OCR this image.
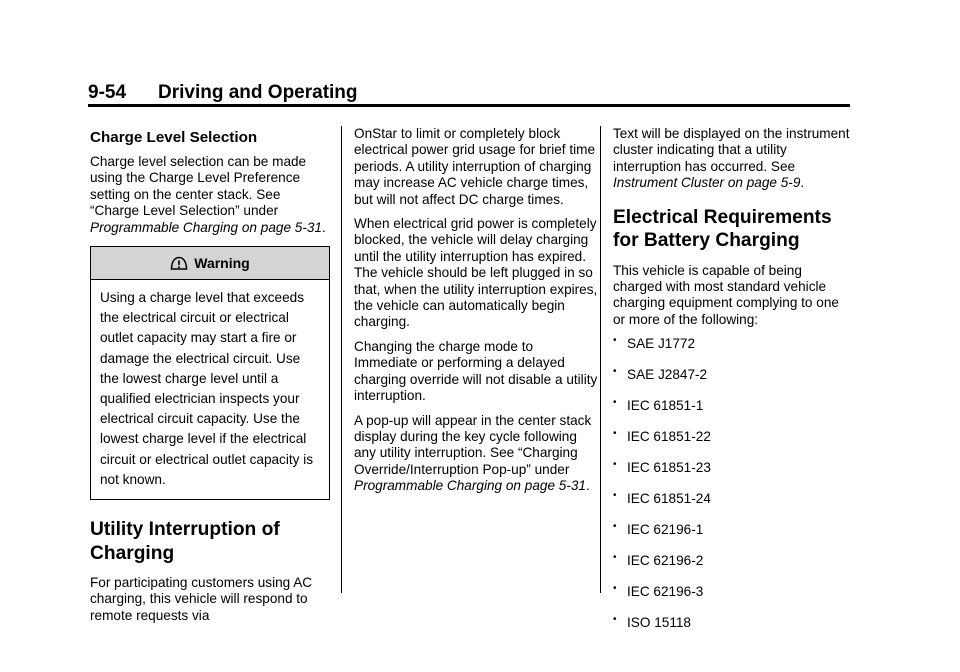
9-54 Driving and Operating
Charge Level Selection

Charge level selection can be made using the Charge Level Preference setting on the center stack. See “Charge Level Selection” under Programmable Charging on page 5-31.

Warning
Using a charge level that exceeds the electrical circuit or electrical outlet capacity may start a fire or damage the electrical circuit. Use the lowest charge level until a qualified electrician inspects your electrical circuit capacity. Use the lowest charge level if the electrical circuit or electrical outlet capacity is not known.
Utility Interruption of Charging

For participating customers using AC charging, this vehicle will respond to remote requests via

OnStar to limit or completely block electrical power grid usage for brief time periods. A utility interruption of charging may increase AC vehicle charge times, but will not affect DC charge times.

When electrical grid power is completely blocked, the vehicle will delay charging until the utility interruption has expired. The vehicle should be left plugged in so that, when the utility interruption expires, the vehicle can automatically begin charging.

Changing the charge mode to Immediate or performing a delayed charging override will not disable a utility interruption.

A pop-up will appear in the center stack display during the key cycle following any utility interruption. See “Charging Override/Interruption Pop-up” under Programmable Charging on page 5-31.

Text will be displayed on the instrument cluster indicating that a utility interruption has occurred. See Instrument Cluster on page 5-9.

Electrical Requirements for Battery Charging

This vehicle is capable of being charged with most standard vehicle charging equipment complying to one or more of the following:

• SAE J1772
• SAE J2847-2
• IEC 61851-1
• IEC 61851-22
• IEC 61851-23
• IEC 61851-24
• IEC 62196-1
• IEC 62196-2
• IEC 62196-3
• ISO 15118
